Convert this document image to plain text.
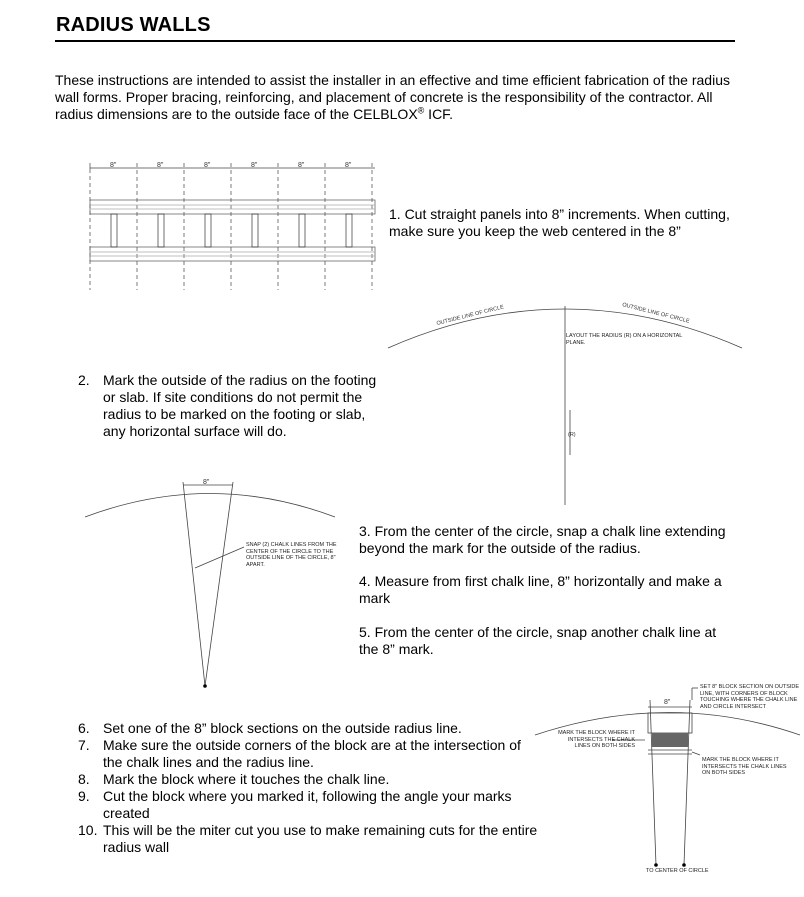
RADIUS WALLS
These instructions are intended to assist the installer in an effective and time efficient fabrication of the radius wall forms. Proper bracing, reinforcing, and placement of concrete is the responsibility of the contractor. All radius dimensions are to the outside face of the CELBLOX® ICF.
8"	8"	8"	8"	8"	8"
OUTSIDE LINE OF CIRCLE	OUTSIDE LINE OF CIRCLE
(R)
8"
8"
1. Cut straight panels into 8” increments. When cutting, make sure you keep the web centered in the 8”
LAYOUT THE RADIUS (R) ON A HORIZONTAL PLANE.
2. Mark the outside of the radius on the footing or slab. If site conditions do not permit the radius to be marked on the footing or slab, any horizontal surface will do.
SNAP (2) CHALK LINES FROM THE CENTER OF THE CIRCLE TO THE OUTSIDE LINE OF THE CIRCLE, 8" APART.
3. From the center of the circle, snap a chalk line extending beyond the mark for the outside of the radius.
4. Measure from first chalk line, 8” horizontally and make a mark
5. From the center of the circle, snap another chalk line at the 8” mark.
SET 8" BLOCK SECTION ON OUTSIDE LINE, WITH CORNERS OF BLOCK TOUCHING WHERE THE CHALK LINE AND CIRCLE INTERSECT
MARK THE BLOCK WHERE IT INTERSECTS THE CHALK LINES ON BOTH SIDES
MARK THE BLOCK WHERE IT INTERSECTS THE CHALK LINES ON BOTH SIDES
TO CENTER OF CIRCLE
6. Set one of the 8” block sections on the outside radius line.
7. Make sure the outside corners of the block are at the intersection of the chalk lines and the radius line.
8. Mark the block where it touches the chalk line.
9. Cut the block where you marked it, following the angle your marks created
10. This will be the miter cut you use to make remaining cuts for the entire radius wall
